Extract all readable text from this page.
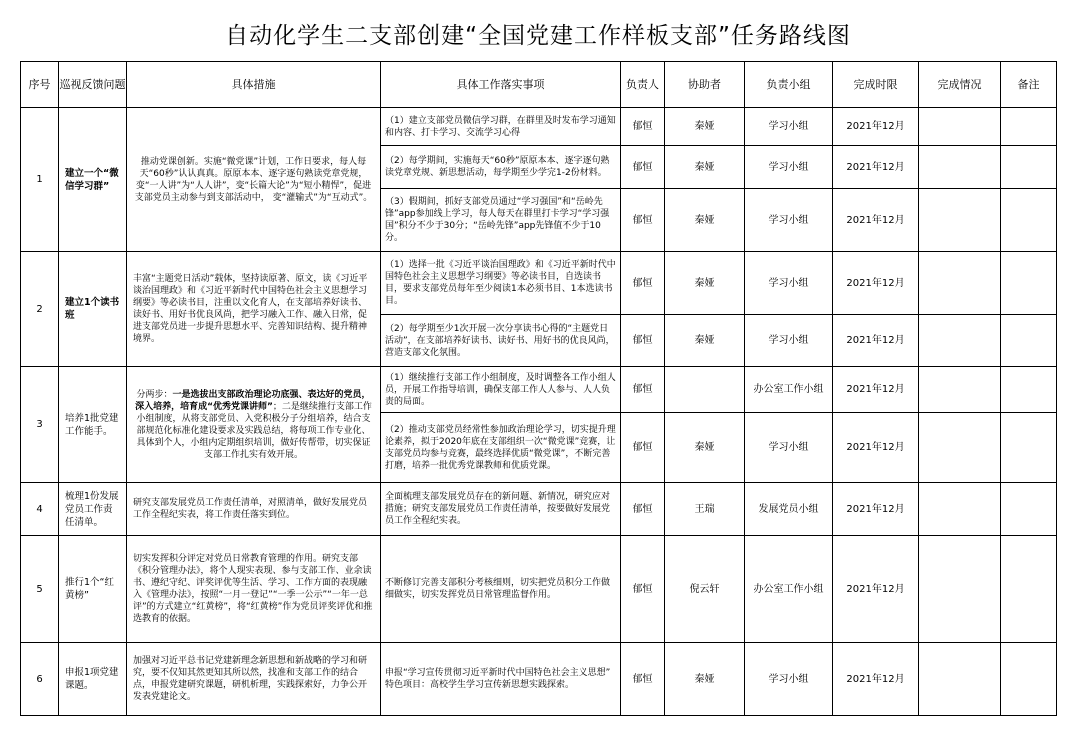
自动化学生二支部创建“全国党建工作样板支部”任务路线图
序号	巡视反馈问题	具体措施	具体工作落实事项	负责人	协助者	负责小组	完成时限	完成情况	备注
1	建立一个“微信学习群”	推动党课创新。实施“微党课”计划，工作日要求，每人每天“60秒”认认真真。原原本本、逐字逐句熟读党章党规，变“一人讲”为“人人讲”，变“长篇大论”为“短小精悍”，促进支部党员主动参与到支部活动中， 变“灌输式”为“互动式”。	（1）建立支部党员微信学习群，在群里及时发布学习通知和内容、打卡学习、交流学习心得	郁恒	秦娅	学习小组	2021年12月		
			（2）每学期间，实施每天“60秒”原原本本、逐字逐句熟读党章党规、新思想活动，每学期至少学完1-2份材料。	郁恒	秦娅	学习小组	2021年12月		
			（3）假期间，抓好支部党员通过“学习强国”和“岳岭先锋”app参加线上学习，每人每天在群里打卡学习“学习强国”积分不少于30分；“岳岭先锋”app先锋值不少于10分。	郁恒	秦娅	学习小组	2021年12月		
2	建立1个读书班	丰富“主题党日活动”载体，坚持读原著、原文，读《习近平谈治国理政》和《习近平新时代中国特色社会主义思想学习纲要》等必读书目，注重以文化育人，在支部培养好读书、读好书、用好书优良风尚，把学习融入工作、融入日常，促进支部党员进一步提升思想水平、完善知识结构、提升精神境界。	（1）选择一批《习近平谈治国理政》和《习近平新时代中国特色社会主义思想学习纲要》等必读书目，自选读书目，要求支部党员每年至少阅读1本必须书目、1本选读书目。	郁恒	秦娅	学习小组	2021年12月		
			（2）每学期至少1次开展一次分享读书心得的“主题党日活动”，在支部培养好读书、读好书、用好书的优良风尚，营造支部文化氛围。	郁恒	秦娅	学习小组	2021年12月		
3	培养1批党建工作能手。	分两步：一是选拔出支部政治理论功底强、表达好的党员，深入培养，培育成“优秀党课讲师”；二是继续推行支部工作小组制度，从将支部党员、入党积极分子分组培养，结合支部规范化标准化建设要求及实践总结，将每项工作专业化、具体到个人，小组内定期组织培训，做好传帮带，切实保证支部工作扎实有效开展。	（1）继续推行支部工作小组制度，及时调整各工作小组人员，开展工作指导培训，确保支部工作人人参与、人人负责的局面。	郁恒		办公室工作小组	2021年12月		
			（2）推动支部党员经常性参加政治理论学习，切实提升理论素养，拟于2020年底在支部组织一次“微党课”竞赛，让支部党员均参与竞赛，最终选择优质“微党课”，不断完善打磨，培养一批优秀党课教师和优质党课。	郁恒	秦娅	学习小组	2021年12月		
4	梳理1份发展党员工作责任清单。	研究支部发展党员工作责任清单，对照清单，做好发展党员工作全程纪实表，将工作责任落实到位。	全面梳理支部发展党员存在的新问题、新情况，研究应对措施；研究支部发展党员工作责任清单，按要做好发展党员工作全程纪实表。	郁恒	王瑞	发展党员小组	2021年12月		
5	推行1个“红黄榜”	切实发挥积分评定对党员日常教育管理的作用。研究支部《积分管理办法》，将个人现实表现、参与支部工作、业余读书、遵纪守纪、评奖评优等生活、学习、工作方面的表现融入《管理办法》，按照“一月一登记”“一季一公示”“一年一总评”的方式建立“红黄榜”，将“红黄榜”作为党员评奖评优和推选教育的依据。	不断修订完善支部积分考核细则，切实把党员积分工作做细做实，切实发挥党员日常管理监督作用。	郁恒	倪云轩	办公室工作小组	2021年12月		
6	申报1项党建课题。	加强对习近平总书记党建新理念新思想和新战略的学习和研究，要不仅知其然更知其所以然，找准和支部工作的结合点，申报党建研究课题，研机析理，实践探索好，力争公开发表党建论文。	申报“学习宣传贯彻习近平新时代中国特色社会主义思想” 特色项目：高校学生学习宣传新思想实践探索。	郁恒	秦娅	学习小组	2021年12月		
